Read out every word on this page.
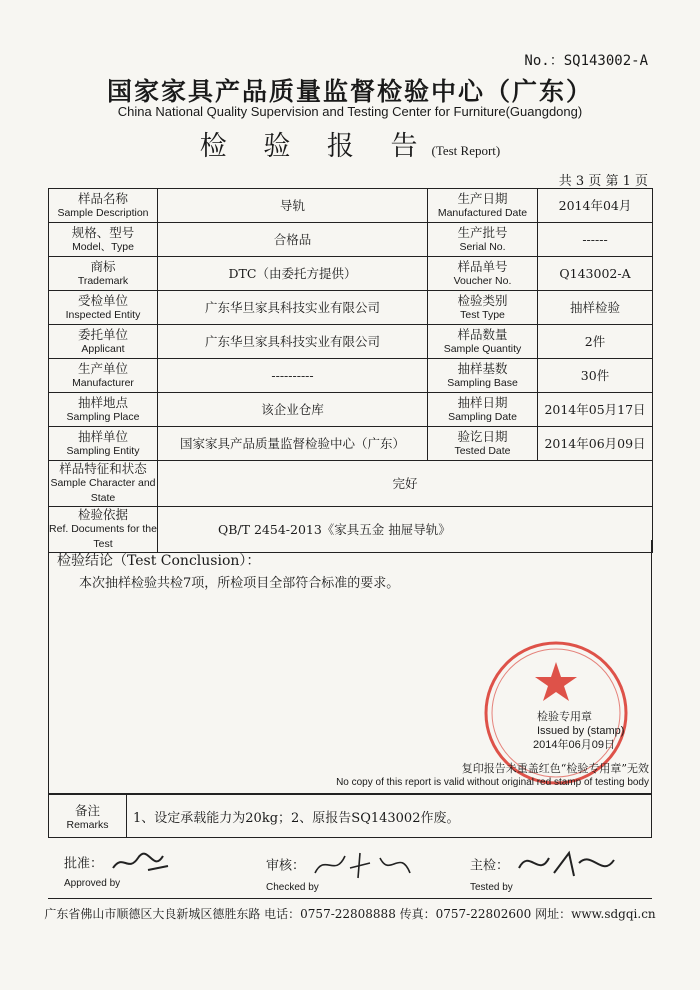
No.：SQ143002-A
国家家具产品质量监督检验中心（广东）
China National Quality Supervision and Testing Center for Furniture(Guangdong)
检 验 报 告(Test Report)
共 3 页 第 1 页
样品名称
Sample Description	导轨	生产日期
Manufactured Date	2014年04月

规格、型号
Model、Type	合格品	生产批号
Serial No.	------

商标
Trademark	DTC（由委托方提供）	样品单号
Voucher No.	Q143002-A

受检单位
Inspected Entity	广东华旦家具科技实业有限公司	检验类别
Test Type	抽样检验

委托单位
Applicant	广东华旦家具科技实业有限公司	样品数量
Sample Quantity	2件

生产单位
Manufacturer	----------	抽样基数
Sampling Base	30件

抽样地点
Sampling Place	该企业仓库	抽样日期
Sampling Date	2014年05月17日

抽样单位
Sampling Entity	国家家具产品质量监督检验中心（广东）	验讫日期
Tested Date	2014年06月09日

样品特征和状态
Sample Character and State	完好		

检验依据
Ref. Documents for the Test	QB/T 2454-2013《家具五金 抽屉导轨》		
检验结论（Test Conclusion）：
本次抽样检验共检7项，所检项目全部符合标准的要求。
检验专用章
Issued by (stamp)
2014年06月09日
复印报告未重盖红色“检验专用章”无效
No copy of this report is valid without original red stamp of testing body
备注
Remarks	1、设定承载能力为20kg；2、原报告SQ143002作废。
批准：
Approved by
审核：
Checked by
主检：
Tested by
广东省佛山市顺德区大良新城区德胜东路 电话：0757-22808888 传真：0757-22802600 网址：www.sdgqi.cn
